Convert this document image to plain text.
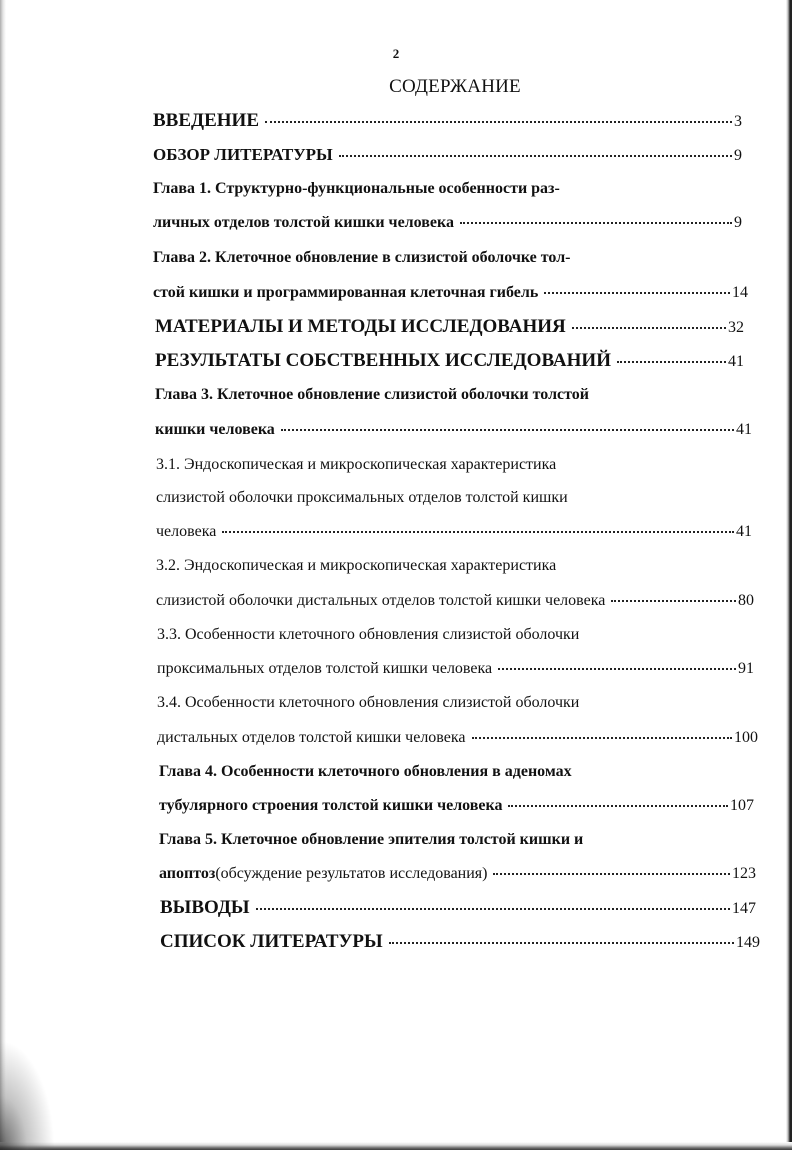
2
СОДЕРЖАНИЕ
ВВЕДЕНИЕ	3
ОБЗОР ЛИТЕРАТУРЫ	9
Глава 1. Структурно-функциональные особенности раз-
личных отделов толстой кишки человека	9
Глава 2. Клеточное обновление в слизистой оболочке тол-
стой кишки и программированная клеточная гибель	14
МАТЕРИАЛЫ И МЕТОДЫ ИССЛЕДОВАНИЯ	32
РЕЗУЛЬТАТЫ СОБСТВЕННЫХ ИССЛЕДОВАНИЙ	41
Глава 3. Клеточное обновление слизистой оболочки толстой
кишки человека	41
3.1. Эндоскопическая и микроскопическая характеристика
слизистой оболочки проксимальных отделов толстой кишки
человека	41
3.2. Эндоскопическая и микроскопическая характеристика
слизистой оболочки дистальных отделов толстой кишки человека	80
3.3. Особенности клеточного обновления слизистой оболочки
проксимальных отделов толстой кишки человека	91
3.4. Особенности клеточного обновления слизистой оболочки
дистальных отделов толстой кишки человека	100
Глава 4. Особенности клеточного обновления в аденомах
тубулярного строения толстой кишки человека	107
Глава 5. Клеточное обновление эпителия толстой кишки и
апоптоз (обсуждение результатов исследования)	123
ВЫВОДЫ	147
СПИСОК ЛИТЕРАТУРЫ	149
